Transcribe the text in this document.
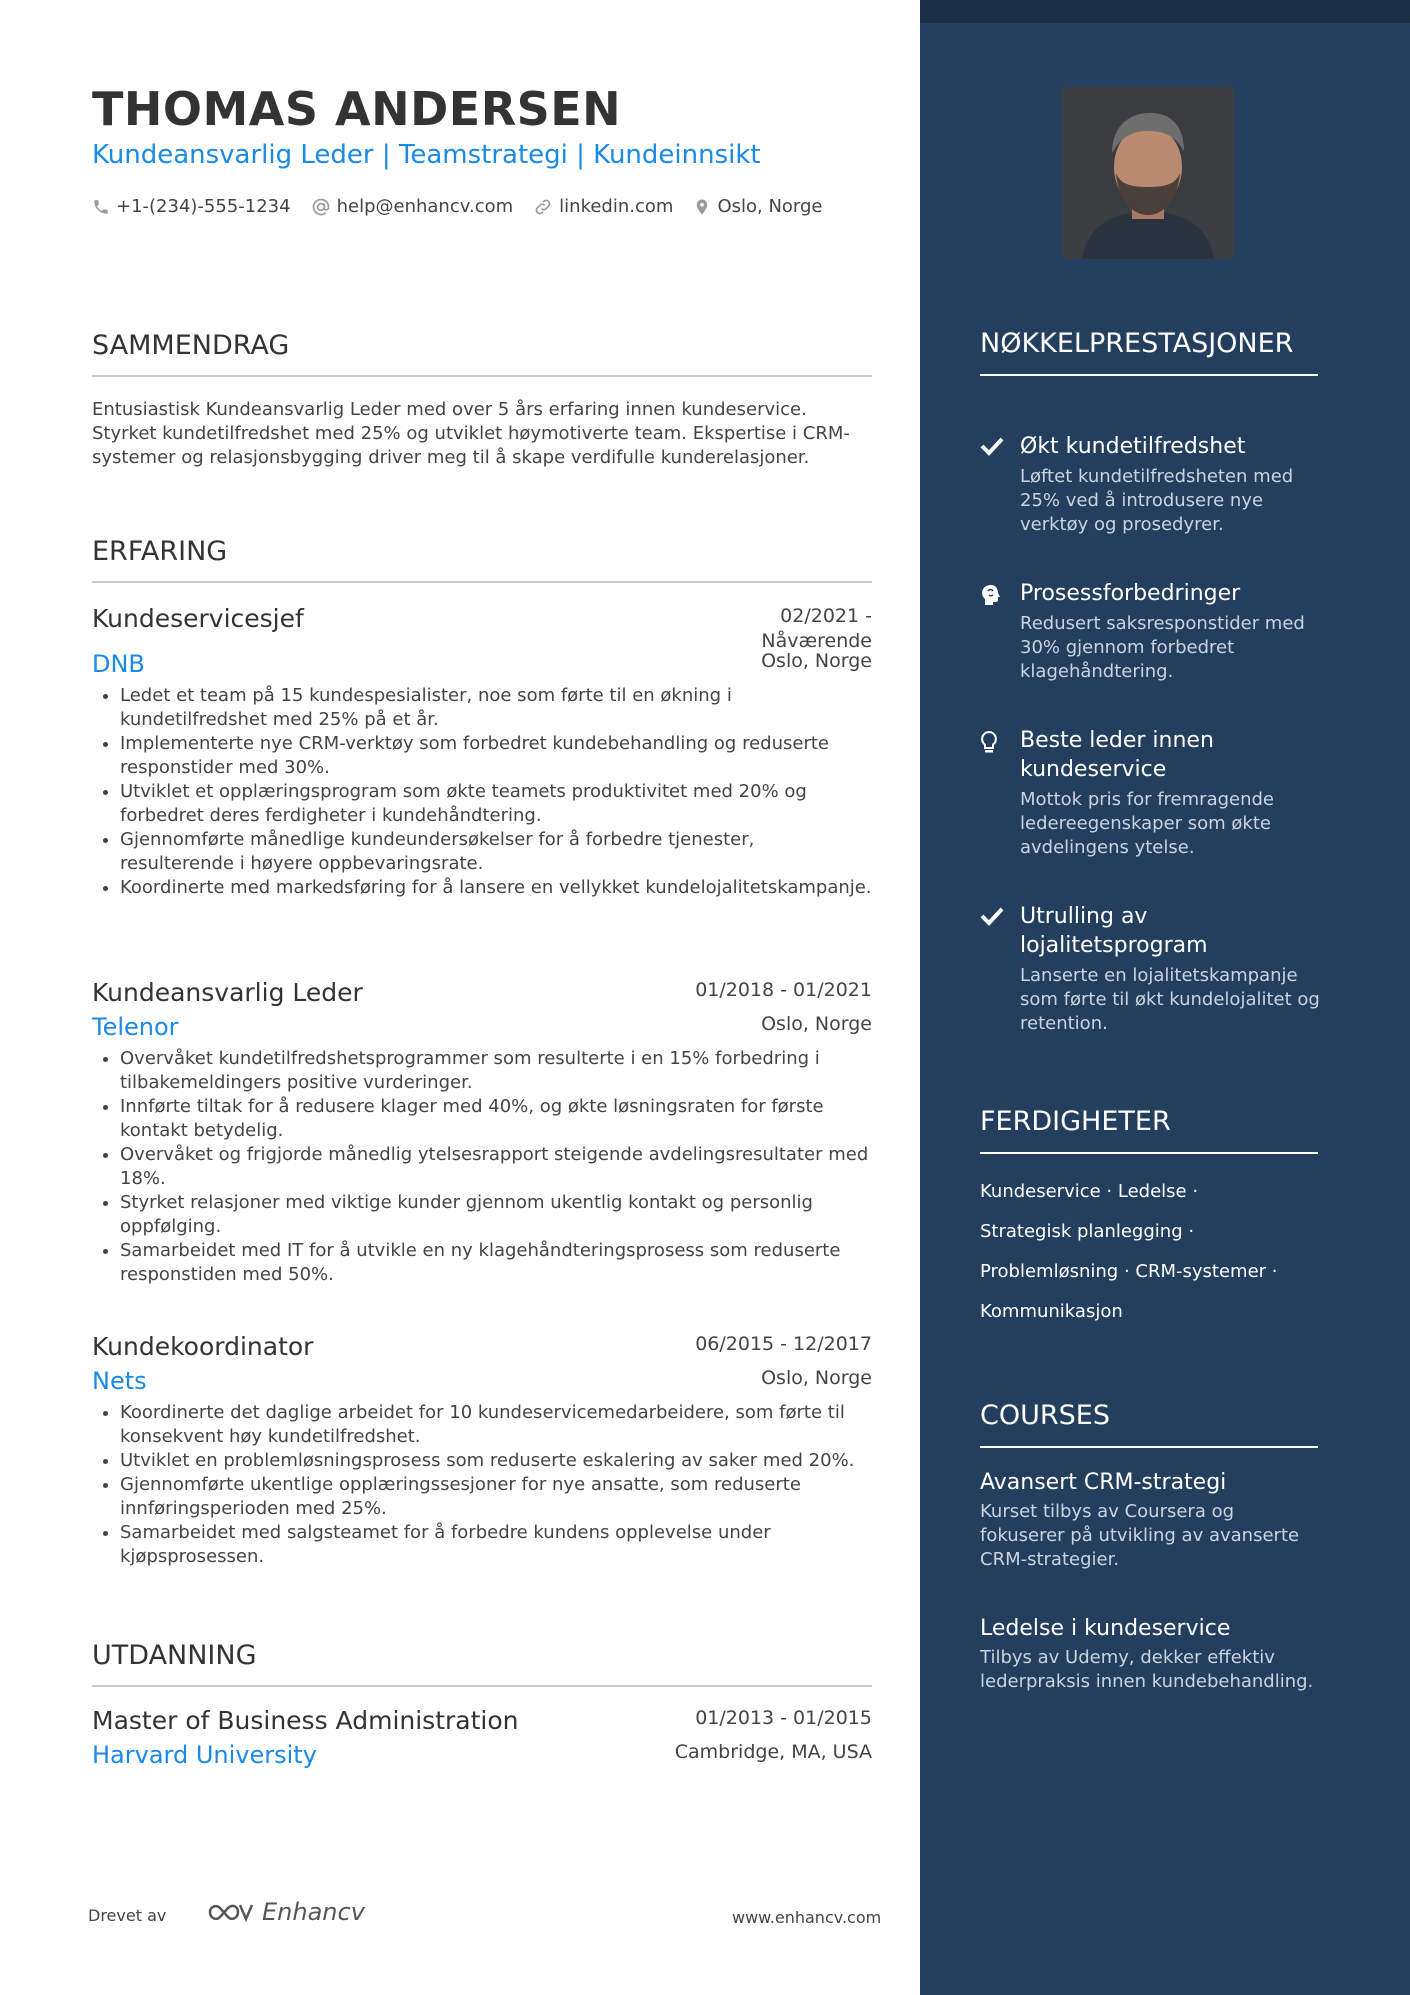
THOMAS ANDERSEN
Kundeansvarlig Leder | Teamstrategi | Kundeinnsikt
+1-(234)-555-1234	help@enhancv.com	linkedin.com Oslo, Norge
SAMMENDRAG
Entusiastisk Kundeansvarlig Leder med over 5 års erfaring innen kundeservice. Styrket kundetilfredshet med 25% og utviklet høymotiverte team. Ekspertise i CRM-systemer og relasjonsbygging driver meg til å skape verdifulle kunderelasjoner.
ERFARING
Kundeservicesjef	02/2021 - Nåværende
DNB	Oslo, Norge
• Ledet et team på 15 kundespesialister, noe som førte til en økning i kundetilfredshet med 25% på et år.
• Implementerte nye CRM-verktøy som forbedret kundebehandling og reduserte responstider med 30%.
• Utviklet et opplæringsprogram som økte teamets produktivitet med 20% og forbedret deres ferdigheter i kundehåndtering.
• Gjennomførte månedlige kundeundersøkelser for å forbedre tjenester, resulterende i høyere oppbevaringsrate.
• Koordinerte med markedsføring for å lansere en vellykket kundelojalitetskampanje.
Kundeansvarlig Leder	01/2018 - 01/2021
Telenor	Oslo, Norge
• Overvåket kundetilfredshetsprogrammer som resulterte i en 15% forbedring i tilbakemeldingers positive vurderinger.
• Innførte tiltak for å redusere klager med 40%, og økte løsningsraten for første kontakt betydelig.
• Overvåket og frigjorde månedlig ytelsesrapport steigende avdelingsresultater med 18%.
• Styrket relasjoner med viktige kunder gjennom ukentlig kontakt og personlig oppfølging.
• Samarbeidet med IT for å utvikle en ny klagehåndteringsprosess som reduserte responstiden med 50%.
Kundekoordinator	06/2015 - 12/2017
Nets	Oslo, Norge
• Koordinerte det daglige arbeidet for 10 kundeservicemedarbeidere, som førte til konsekvent høy kundetilfredshet.
• Utviklet en problemløsningsprosess som reduserte eskalering av saker med 20%.
• Gjennomførte ukentlige opplæringssesjoner for nye ansatte, som reduserte innføringsperioden med 25%.
• Samarbeidet med salgsteamet for å forbedre kundens opplevelse under kjøpsprosessen.
UTDANNING
Master of Business Administration	01/2013 - 01/2015
Harvard University	Cambridge, MA, USA
Drevet av	Enhancv	www.enhancv.com
NØKKELPRESTASJONER
Økt kundetilfredshet
Løftet kundetilfredsheten med 25% ved å introdusere nye verktøy og prosedyrer.
Prosessforbedringer
Redusert saksresponstider med 30% gjennom forbedret klagehåndtering.
Beste leder innen kundeservice
Mottok pris for fremragende ledereegenskaper som økte avdelingens ytelse.
Utrulling av lojalitetsprogram
Lanserte en lojalitetskampanje som førte til økt kundelojalitet og retention.
FERDIGHETER
Kundeservice · Ledelse ·
Strategisk planlegging ·
Problemløsning · CRM-systemer ·
Kommunikasjon
COURSES
Avansert CRM-strategi
Kurset tilbys av Coursera og fokuserer på utvikling av avanserte CRM-strategier.
Ledelse i kundeservice
Tilbys av Udemy, dekker effektiv lederpraksis innen kundebehandling.
